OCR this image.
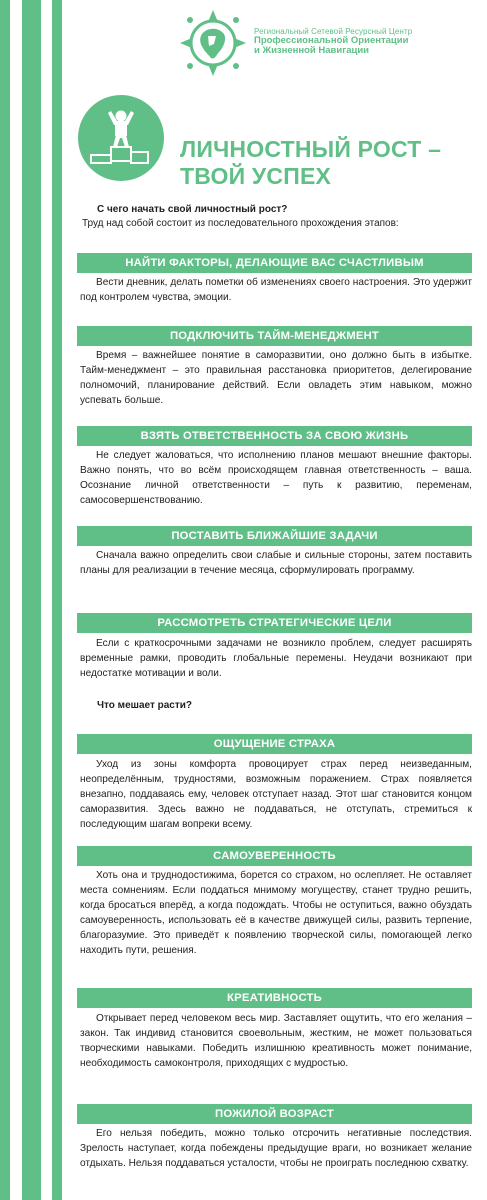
Региональный Сетевой Ресурсный Центр
Профессиональной Ориентации
и Жизненной Навигации
ЛИЧНОСТНЫЙ РОСТ –
ТВОЙ УСПЕХ
С чего начать свой личностный рост?
Труд над собой состоит из последовательного прохождения этапов:
НАЙТИ ФАКТОРЫ, ДЕЛАЮЩИЕ ВАС СЧАСТЛИВЫМ

Вести дневник, делать пометки об изменениях своего настроения. Это удержит под контролем чувства, эмоции.

ПОДКЛЮЧИТЬ ТАЙМ-МЕНЕДЖМЕНТ

Время – важнейшее понятие в саморазвитии, оно должно быть в избытке. Тайм-менеджмент – это правильная расстановка приоритетов, делегирование полномочий, планирование действий. Если овладеть этим навыком, можно успевать больше.

ВЗЯТЬ ОТВЕТСТВЕННОСТЬ ЗА СВОЮ ЖИЗНЬ

Не следует жаловаться, что исполнению планов мешают внешние факторы. Важно понять, что во всём происходящем главная ответственность – ваша. Осознание личной ответственности – путь к развитию, переменам, самосовершенствованию.

ПОСТАВИТЬ БЛИЖАЙШИЕ ЗАДАЧИ

Сначала важно определить свои слабые и сильные стороны, затем поставить планы для реализации в течение месяца, сформулировать программу.

РАССМОТРЕТЬ СТРАТЕГИЧЕСКИЕ ЦЕЛИ

Если с краткосрочными задачами не возникло проблем, следует расширять временные рамки, проводить глобальные перемены. Неудачи возникают при недостатке мотивации и воли.

Что мешает расти?
ОЩУЩЕНИЕ СТРАХА

Уход из зоны комфорта провоцирует страх перед неизведанным, неопределённым, трудностями, возможным поражением. Страх появляется внезапно, поддаваясь ему, человек отступает назад. Этот шаг становится концом саморазвития. Здесь важно не поддаваться, не отступать, стремиться к последующим шагам вопреки всему.

САМОУВЕРЕННОСТЬ

Хоть она и труднодостижима, борется со страхом, но ослепляет. Не оставляет места сомнениям. Если поддаться мнимому могуществу, станет трудно решить, когда бросаться вперёд, а когда подождать. Чтобы не оступиться, важно обуздать самоуверенность, использовать её в качестве движущей силы, развить терпение, благоразумие. Это приведёт к появлению творческой силы, помогающей легко находить пути, решения.

КРЕАТИВНОСТЬ

Открывает перед человеком весь мир. Заставляет ощутить, что его желания – закон. Так индивид становится своевольным, жестким, не может пользоваться творческими навыками. Победить излишнюю креативность может понимание, необходимость самоконтроля, приходящих с мудростью.

ПОЖИЛОЙ ВОЗРАСТ

Его нельзя победить, можно только отсрочить негативные последствия. Зрелость наступает, когда побеждены предыдущие враги, но возникает желание отдыхать. Нельзя поддаваться усталости, чтобы не проиграть последнюю схватку.
